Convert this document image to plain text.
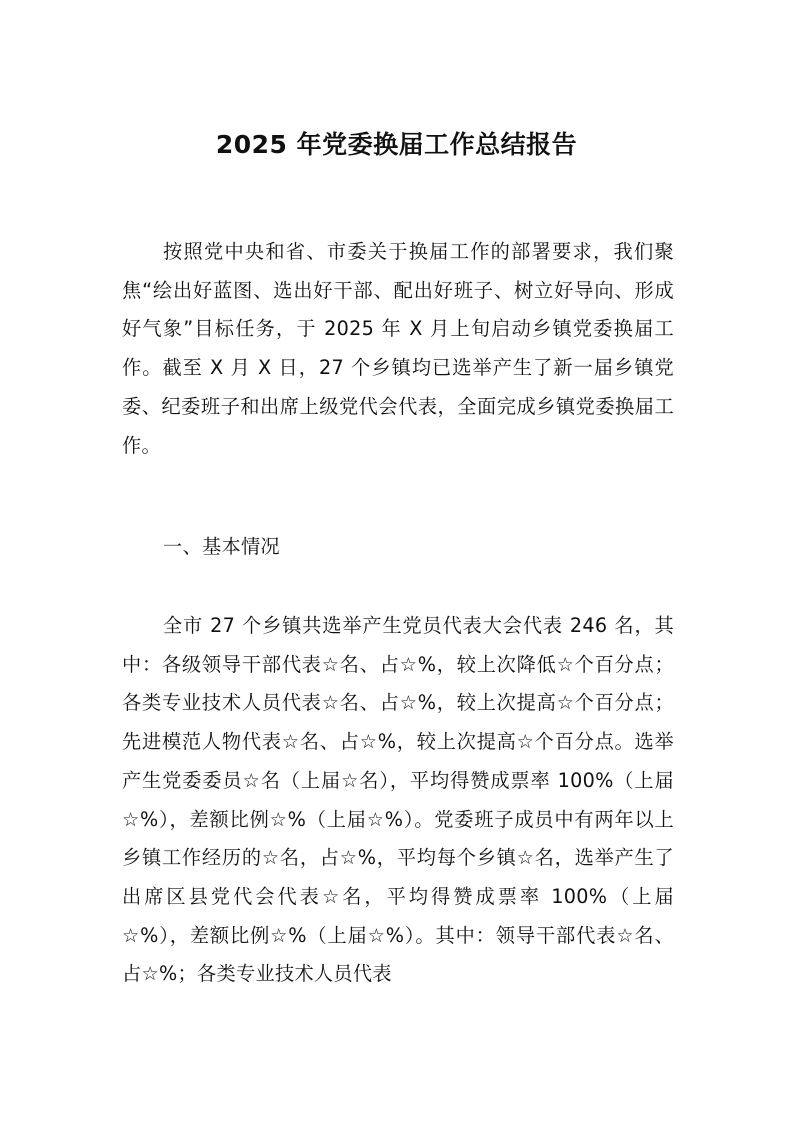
2025 年党委换届工作总结报告

按照党中央和省、市委关于换届工作的部署要求，我们聚焦“绘出好蓝图、选出好干部、配出好班子、树立好导向、形成好气象”目标任务，于 2025 年 X 月上旬启动乡镇党委换届工作。截至 X 月 X 日，27 个乡镇均已选举产生了新一届乡镇党委、纪委班子和出席上级党代会代表，全面完成乡镇党委换届工作。

一、基本情况

全市 27 个乡镇共选举产生党员代表大会代表 246 名，其中：各级领导干部代表☆名、占☆%，较上次降低☆个百分点；各类专业技术人员代表☆名、占☆%，较上次提高☆个百分点；先进模范人物代表☆名、占☆%，较上次提高☆个百分点。选举产生党委委员☆名（上届☆名），平均得赞成票率 100%（上届☆%），差额比例☆%（上届☆%）。党委班子成员中有两年以上乡镇工作经历的☆名，占☆%，平均每个乡镇☆名，选举产生了出席区县党代会代表☆名，平均得赞成票率 100%（上届☆%），差额比例☆%（上届☆%）。其中：领导干部代表☆名、占☆%；各类专业技术人员代表
